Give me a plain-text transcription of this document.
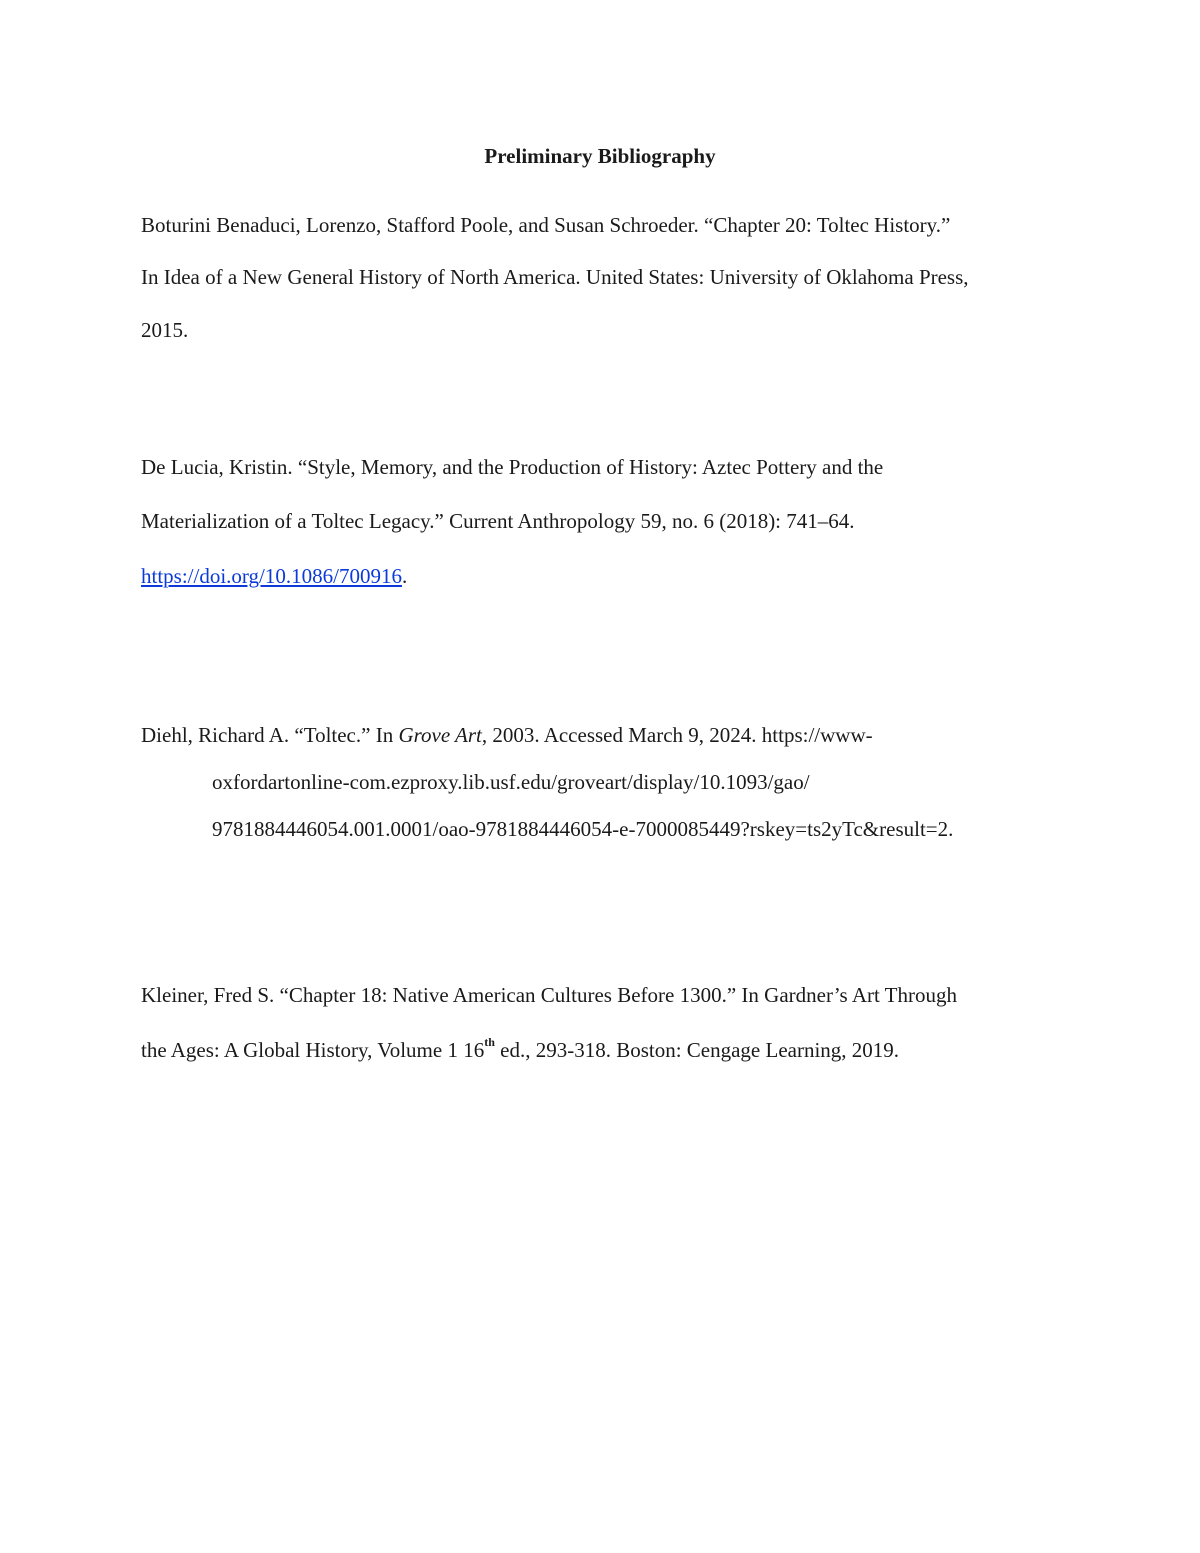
Preliminary Bibliography
Boturini Benaduci, Lorenzo, Stafford Poole, and Susan Schroeder. “Chapter 20: Toltec History.”
In Idea of a New General History of North America. United States: University of Oklahoma Press,
2015.
De Lucia, Kristin. “Style, Memory, and the Production of History: Aztec Pottery and the
Materialization of a Toltec Legacy.” Current Anthropology 59, no. 6 (2018): 741–64.
https://doi.org/10.1086/700916.
Diehl, Richard A. “Toltec.” In Grove Art, 2003. Accessed March 9, 2024. https://www-
oxfordartonline-com.ezproxy.lib.usf.edu/groveart/display/10.1093/gao/
9781884446054.001.0001/oao-9781884446054-e-7000085449?rskey=ts2yTc&result=2.
Kleiner, Fred S. “Chapter 18: Native American Cultures Before 1300.” In Gardner’s Art Through
the Ages: A Global History, Volume 1 16th ed., 293-318. Boston: Cengage Learning, 2019.
